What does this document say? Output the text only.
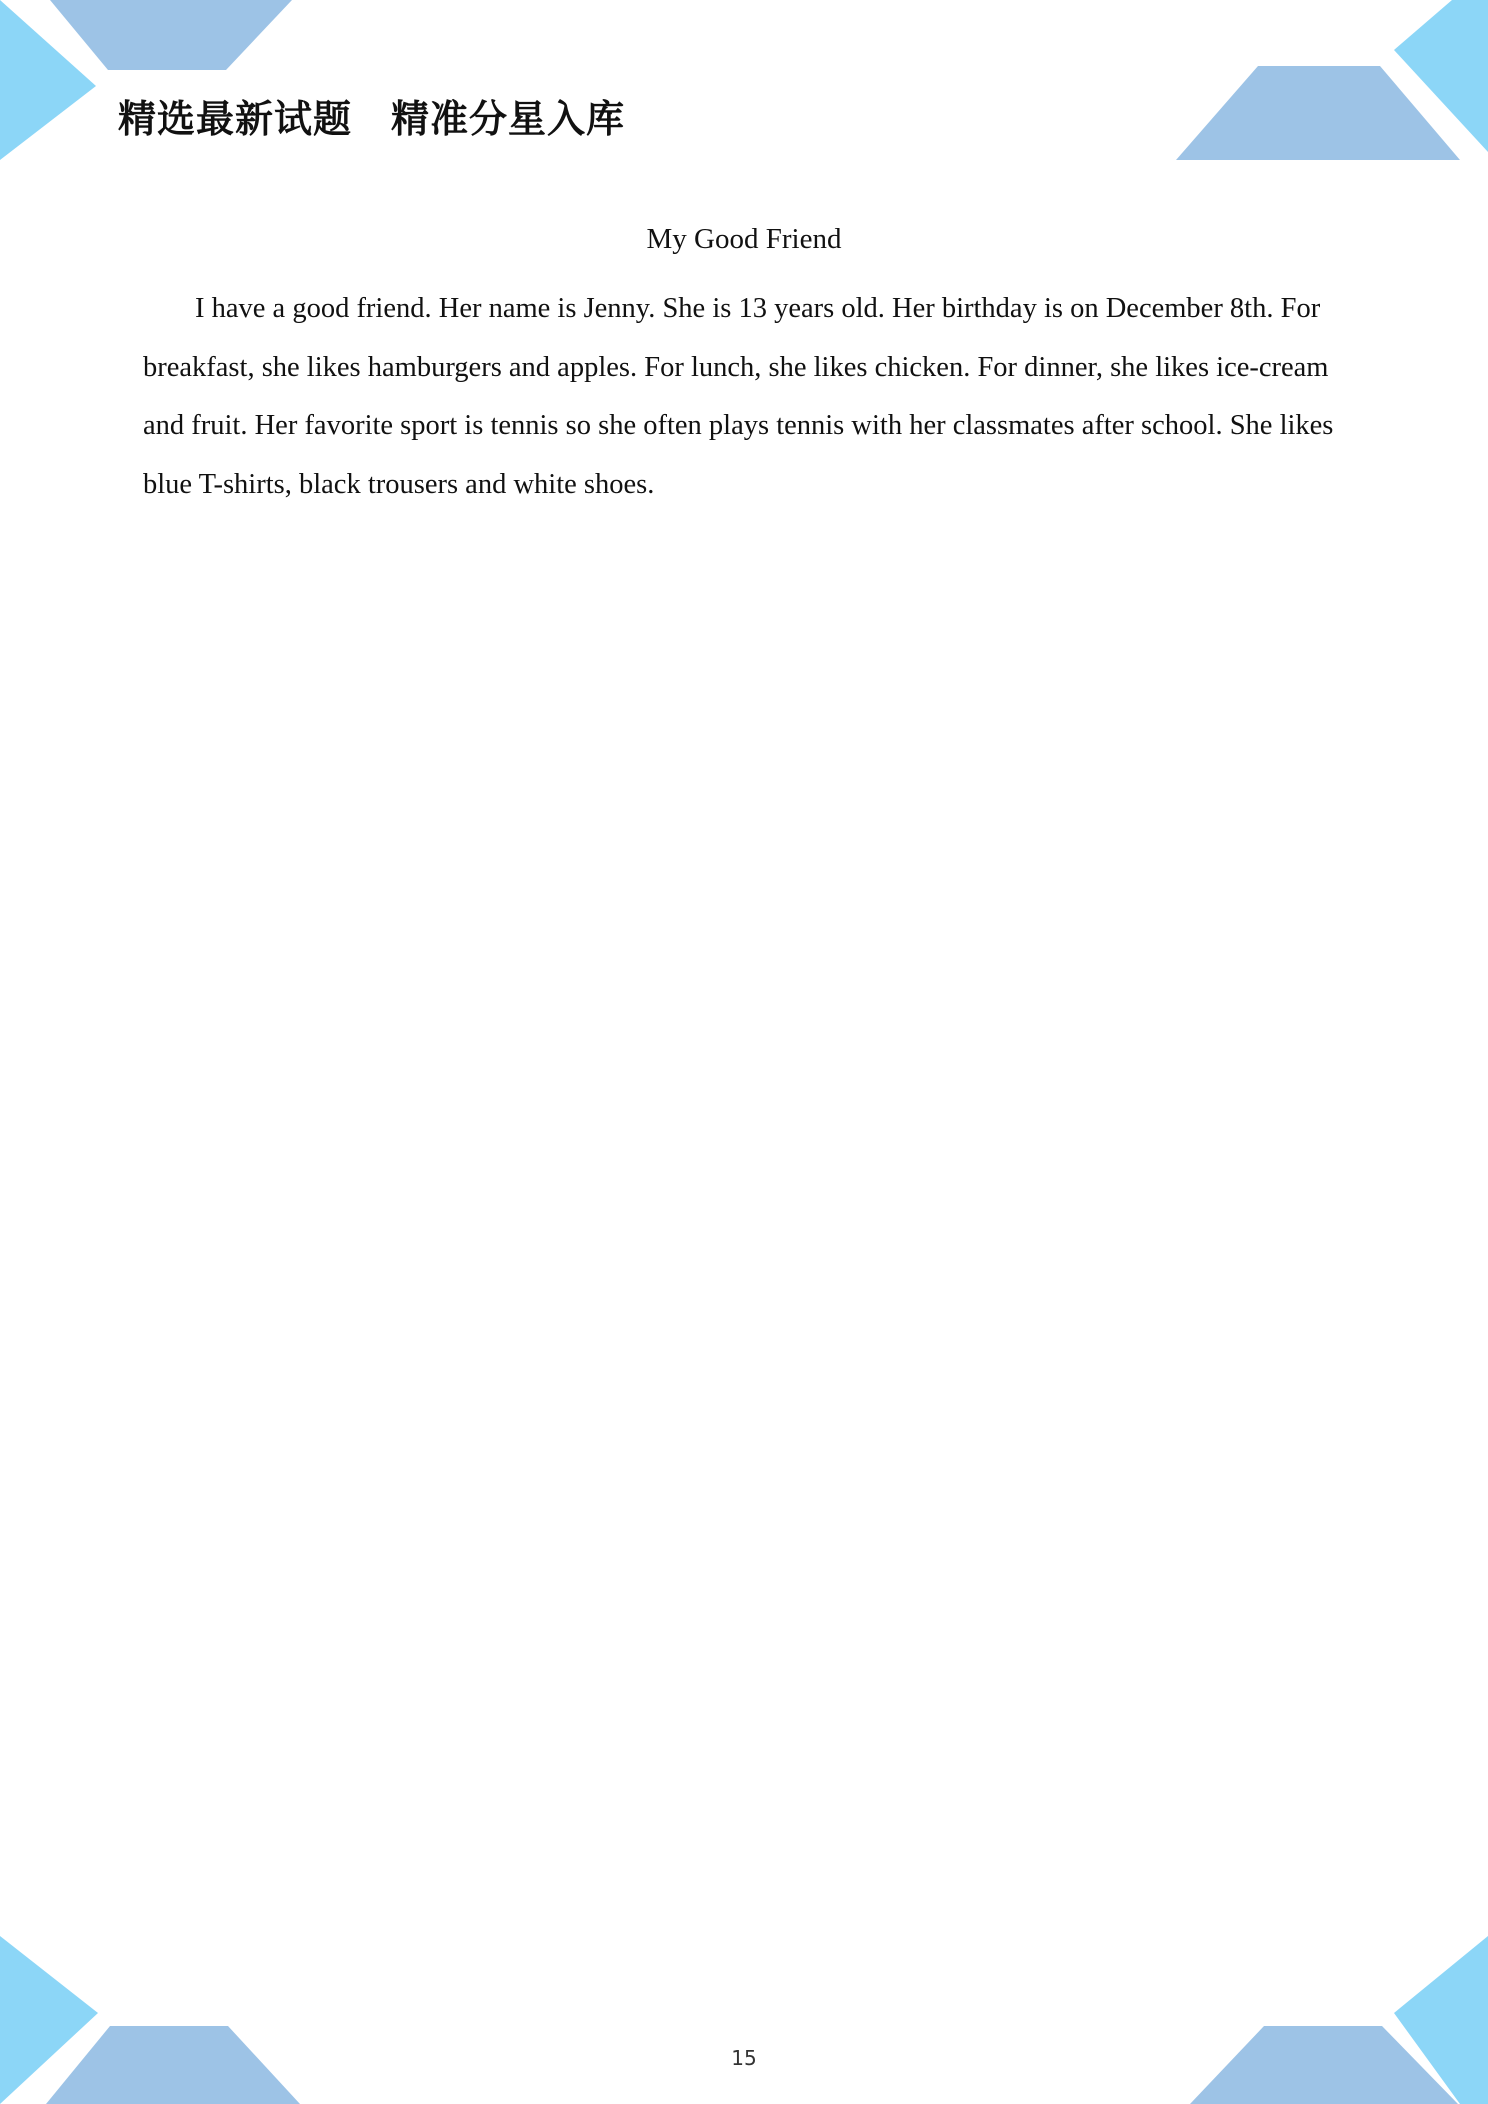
精选最新试题　精准分星入库
My Good Friend

I have a good friend. Her name is Jenny. She is 13 years old. Her birthday is on December 8th. For breakfast, she likes hamburgers and apples. For lunch, she likes chicken. For dinner, she likes ice-cream and fruit. Her favorite sport is tennis so she often plays tennis with her classmates after school. She likes blue T-shirts, black trousers and white shoes.

15
